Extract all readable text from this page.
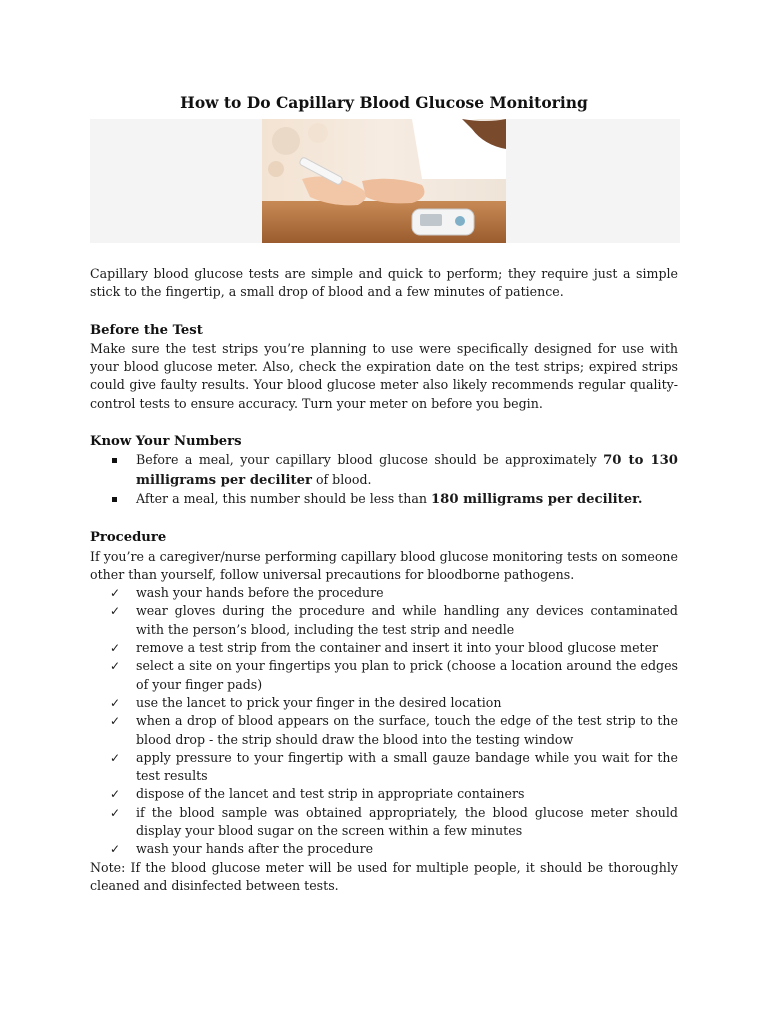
How to Do Capillary Blood Glucose Monitoring

Capillary blood glucose tests are simple and quick to perform; they require just a simple stick to the fingertip, a small drop of blood and a few minutes of patience.

Before the Test

Make sure the test strips you’re planning to use were specifically designed for use with your blood glucose meter. Also, check the expiration date on the test strips; expired strips could give faulty results. Your blood glucose meter also likely recommends regular quality-control tests to ensure accuracy. Turn your meter on before you begin.

Know Your Numbers
Before a meal, your capillary blood glucose should be approximately 70 to 130 milligrams per deciliter of blood.
After a meal, this number should be less than 180 milligrams per deciliter.
Procedure

If you’re a caregiver/nurse performing capillary blood glucose monitoring tests on someone other than yourself, follow universal precautions for bloodborne pathogens.

✓ wash your hands before the procedure
✓ wear gloves during the procedure and while handling any devices contaminated with the person’s blood, including the test strip and needle
✓ remove a test strip from the container and insert it into your blood glucose meter
✓ select a site on your fingertips you plan to prick (choose a location around the edges of your finger pads)
✓ use the lancet to prick your finger in the desired location
✓ when a drop of blood appears on the surface, touch the edge of the test strip to the blood drop - the strip should draw the blood into the testing window
✓ apply pressure to your fingertip with a small gauze bandage while you wait for the test results
✓ dispose of the lancet and test strip in appropriate containers
✓ if the blood sample was obtained appropriately, the blood glucose meter should display your blood sugar on the screen within a few minutes
✓ wash your hands after the procedure

Note: If the blood glucose meter will be used for multiple people, it should be thoroughly cleaned and disinfected between tests.
